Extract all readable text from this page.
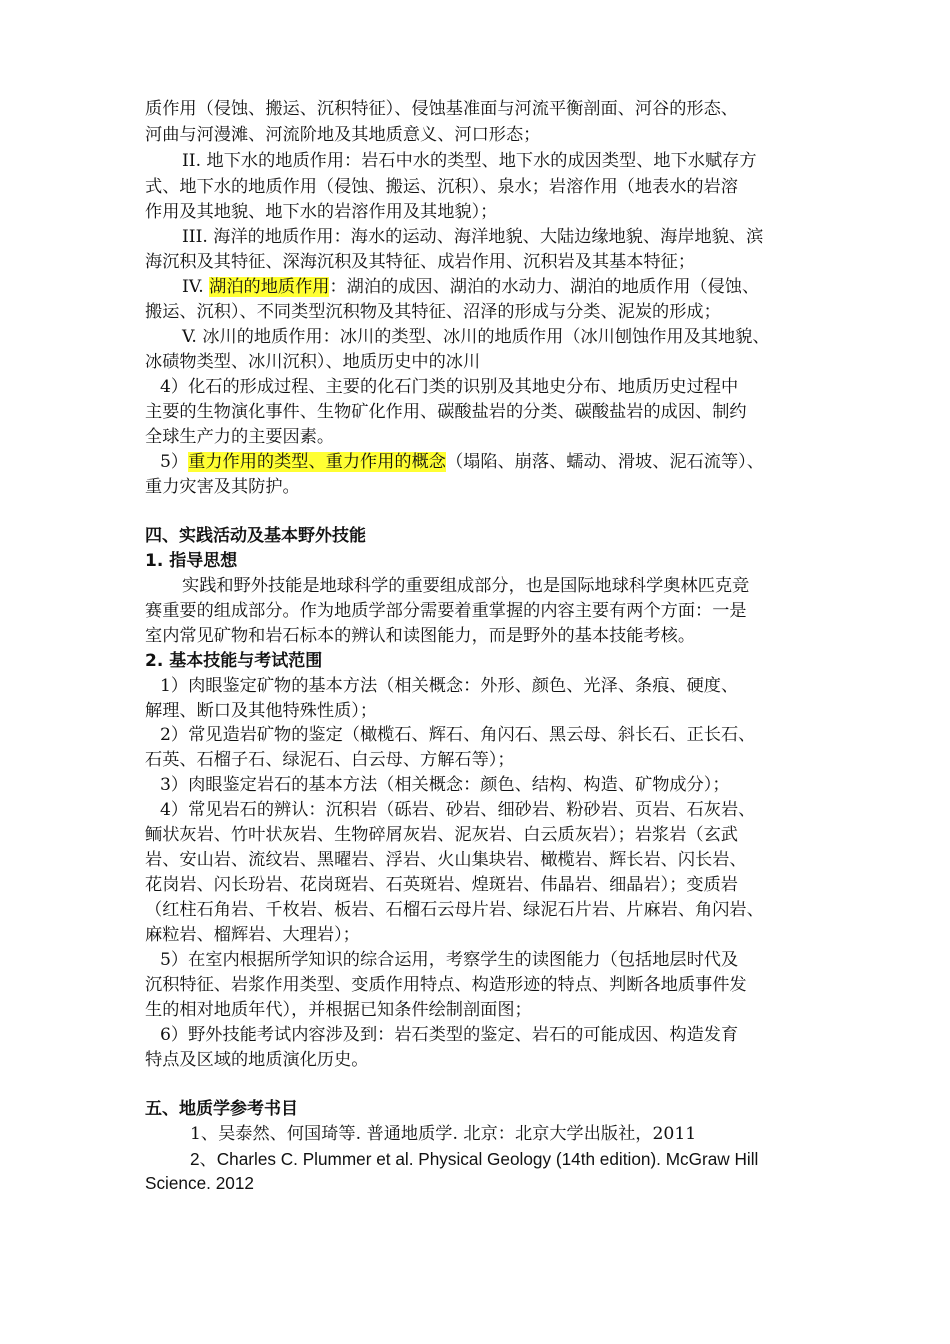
质作用（侵蚀、搬运、沉积特征）、侵蚀基准面与河流平衡剖面、河谷的形态、
河曲与河漫滩、河流阶地及其地质意义、河口形态；
II. 地下水的地质作用：岩石中水的类型、地下水的成因类型、地下水赋存方
式、地下水的地质作用（侵蚀、搬运、沉积）、泉水；岩溶作用（地表水的岩溶
作用及其地貌、地下水的岩溶作用及其地貌）；
III. 海洋的地质作用：海水的运动、海洋地貌、大陆边缘地貌、海岸地貌、滨
海沉积及其特征、深海沉积及其特征、成岩作用、沉积岩及其基本特征；
IV. 湖泊的地质作用：湖泊的成因、湖泊的水动力、湖泊的地质作用（侵蚀、
搬运、沉积）、不同类型沉积物及其特征、沼泽的形成与分类、泥炭的形成；
V. 冰川的地质作用：冰川的类型、冰川的地质作用（冰川刨蚀作用及其地貌、
冰碛物类型、冰川沉积）、地质历史中的冰川
4）化石的形成过程、主要的化石门类的识别及其地史分布、地质历史过程中
主要的生物演化事件、生物矿化作用、碳酸盐岩的分类、碳酸盐岩的成因、制约
全球生产力的主要因素。
5）重力作用的类型、重力作用的概念（塌陷、崩落、蠕动、滑坡、泥石流等）、
重力灾害及其防护。
四、实践活动及基本野外技能
1. 指导思想
实践和野外技能是地球科学的重要组成部分，也是国际地球科学奥林匹克竞
赛重要的组成部分。作为地质学部分需要着重掌握的内容主要有两个方面：一是
室内常见矿物和岩石标本的辨认和读图能力，而是野外的基本技能考核。
2. 基本技能与考试范围
1）肉眼鉴定矿物的基本方法（相关概念：外形、颜色、光泽、条痕、硬度、
解理、断口及其他特殊性质）；
2）常见造岩矿物的鉴定（橄榄石、辉石、角闪石、黑云母、斜长石、正长石、
石英、石榴子石、绿泥石、白云母、方解石等）；
3）肉眼鉴定岩石的基本方法（相关概念：颜色、结构、构造、矿物成分）；
4）常见岩石的辨认：沉积岩（砾岩、砂岩、细砂岩、粉砂岩、页岩、石灰岩、
鲕状灰岩、竹叶状灰岩、生物碎屑灰岩、泥灰岩、白云质灰岩）；岩浆岩（玄武
岩、安山岩、流纹岩、黑曜岩、浮岩、火山集块岩、橄榄岩、辉长岩、闪长岩、
花岗岩、闪长玢岩、花岗斑岩、石英斑岩、煌斑岩、伟晶岩、细晶岩）；变质岩
（红柱石角岩、千枚岩、板岩、石榴石云母片岩、绿泥石片岩、片麻岩、角闪岩、
麻粒岩、榴辉岩、大理岩）；
5）在室内根据所学知识的综合运用，考察学生的读图能力（包括地层时代及
沉积特征、岩浆作用类型、变质作用特点、构造形迹的特点、判断各地质事件发
生的相对地质年代），并根据已知条件绘制剖面图；
6）野外技能考试内容涉及到：岩石类型的鉴定、岩石的可能成因、构造发育
特点及区域的地质演化历史。
五、地质学参考书目
1、吴泰然、何国琦等. 普通地质学. 北京：北京大学出版社，2011
2、Charles C. Plummer et al. Physical Geology (14th edition). McGraw Hill
Science. 2012
